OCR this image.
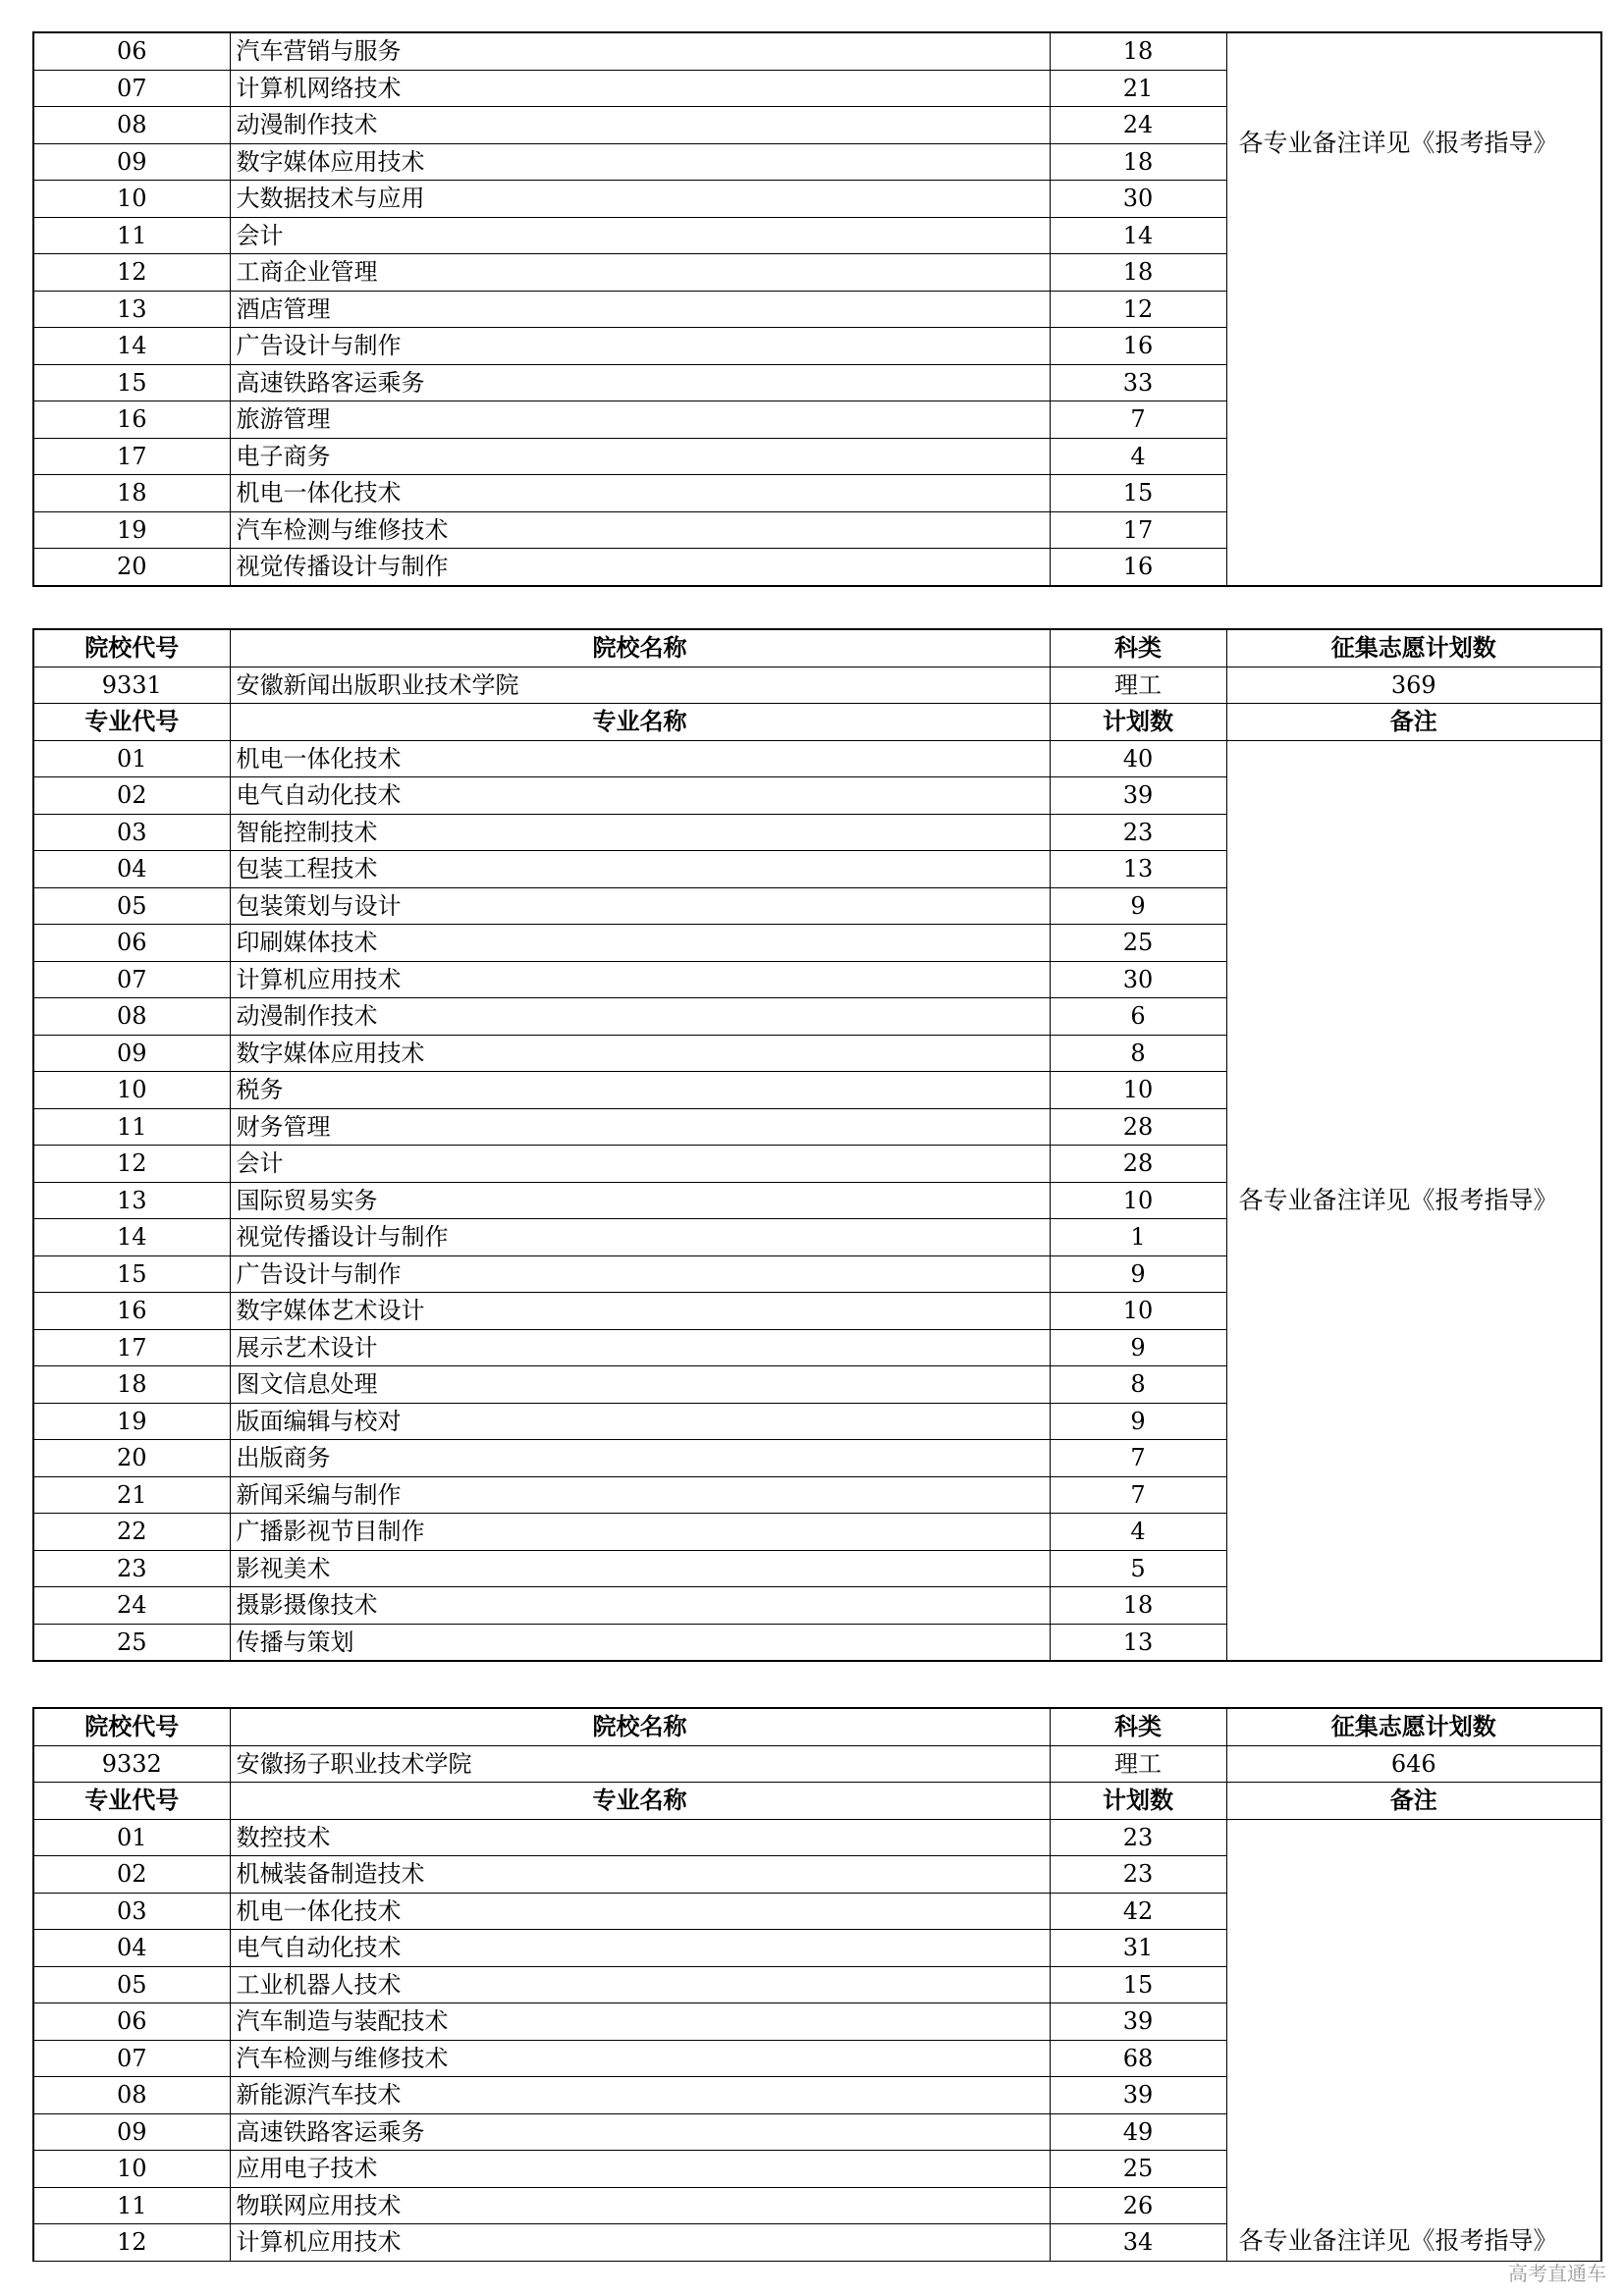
06	汽车营销与服务	18	各专业备注详见《报考指导》
07	计算机网络技术	21	
08	动漫制作技术	24	
09	数字媒体应用技术	18	
10	大数据技术与应用	30	
11	会计	14	
12	工商企业管理	18	
13	酒店管理	12	
14	广告设计与制作	16	
15	高速铁路客运乘务	33	
16	旅游管理	7	
17	电子商务	4	
18	机电一体化技术	15	
19	汽车检测与维修技术	17	
20	视觉传播设计与制作	16	
院校代号	院校名称	科类	征集志愿计划数
9331	安徽新闻出版职业技术学院	理工	369
专业代号	专业名称	计划数	备注
01	机电一体化技术	40	各专业备注详见《报考指导》
02	电气自动化技术	39	
03	智能控制技术	23	
04	包装工程技术	13	
05	包装策划与设计	9	
06	印刷媒体技术	25	
07	计算机应用技术	30	
08	动漫制作技术	6	
09	数字媒体应用技术	8	
10	税务	10	
11	财务管理	28	
12	会计	28	
13	国际贸易实务	10	
14	视觉传播设计与制作	1	
15	广告设计与制作	9	
16	数字媒体艺术设计	10	
17	展示艺术设计	9	
18	图文信息处理	8	
19	版面编辑与校对	9	
20	出版商务	7	
21	新闻采编与制作	7	
22	广播影视节目制作	4	
23	影视美术	5	
24	摄影摄像技术	18	
25	传播与策划	13	
院校代号	院校名称	科类	征集志愿计划数
9332	安徽扬子职业技术学院	理工	646
专业代号	专业名称	计划数	备注
01	数控技术	23	各专业备注详见《报考指导》
02	机械装备制造技术	23	
03	机电一体化技术	42	
04	电气自动化技术	31	
05	工业机器人技术	15	
06	汽车制造与装配技术	39	
07	汽车检测与维修技术	68	
08	新能源汽车技术	39	
09	高速铁路客运乘务	49	
10	应用电子技术	25	
11	物联网应用技术	26	
12	计算机应用技术	34	
高考直通车
